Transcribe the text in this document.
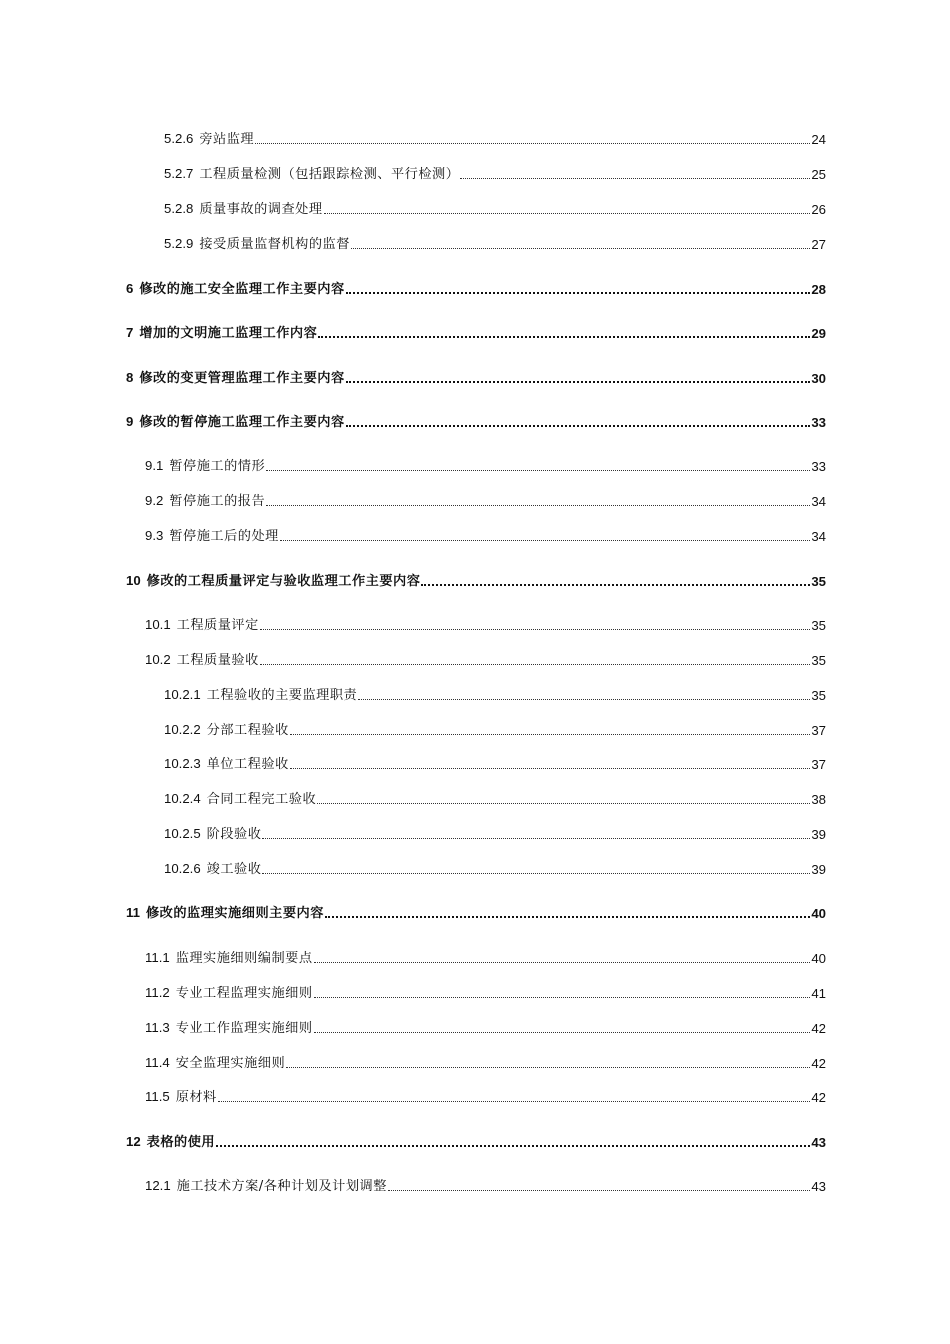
5.2.6 旁站监理	24
5.2.7 工程质量检测（包括跟踪检测、平行检测）	25
5.2.8 质量事故的调查处理	26
5.2.9 接受质量监督机构的监督	27
6 修改的施工安全监理工作主要内容	28
7 增加的文明施工监理工作内容	29
8 修改的变更管理监理工作主要内容	30
9 修改的暂停施工监理工作主要内容	33
9.1 暂停施工的情形	33
9.2 暂停施工的报告	34
9.3 暂停施工后的处理	34
10 修改的工程质量评定与验收监理工作主要内容	35
10.1 工程质量评定	35
10.2 工程质量验收	35
10.2.1 工程验收的主要监理职责	35
10.2.2 分部工程验收	37
10.2.3 单位工程验收	37
10.2.4 合同工程完工验收	38
10.2.5 阶段验收	39
10.2.6 竣工验收	39
11 修改的监理实施细则主要内容	40
11.1 监理实施细则编制要点	40
11.2 专业工程监理实施细则	41
11.3 专业工作监理实施细则	42
11.4 安全监理实施细则	42
11.5 原材料	42
12 表格的使用	43
12.1 施工技术方案/各种计划及计划调整	43
